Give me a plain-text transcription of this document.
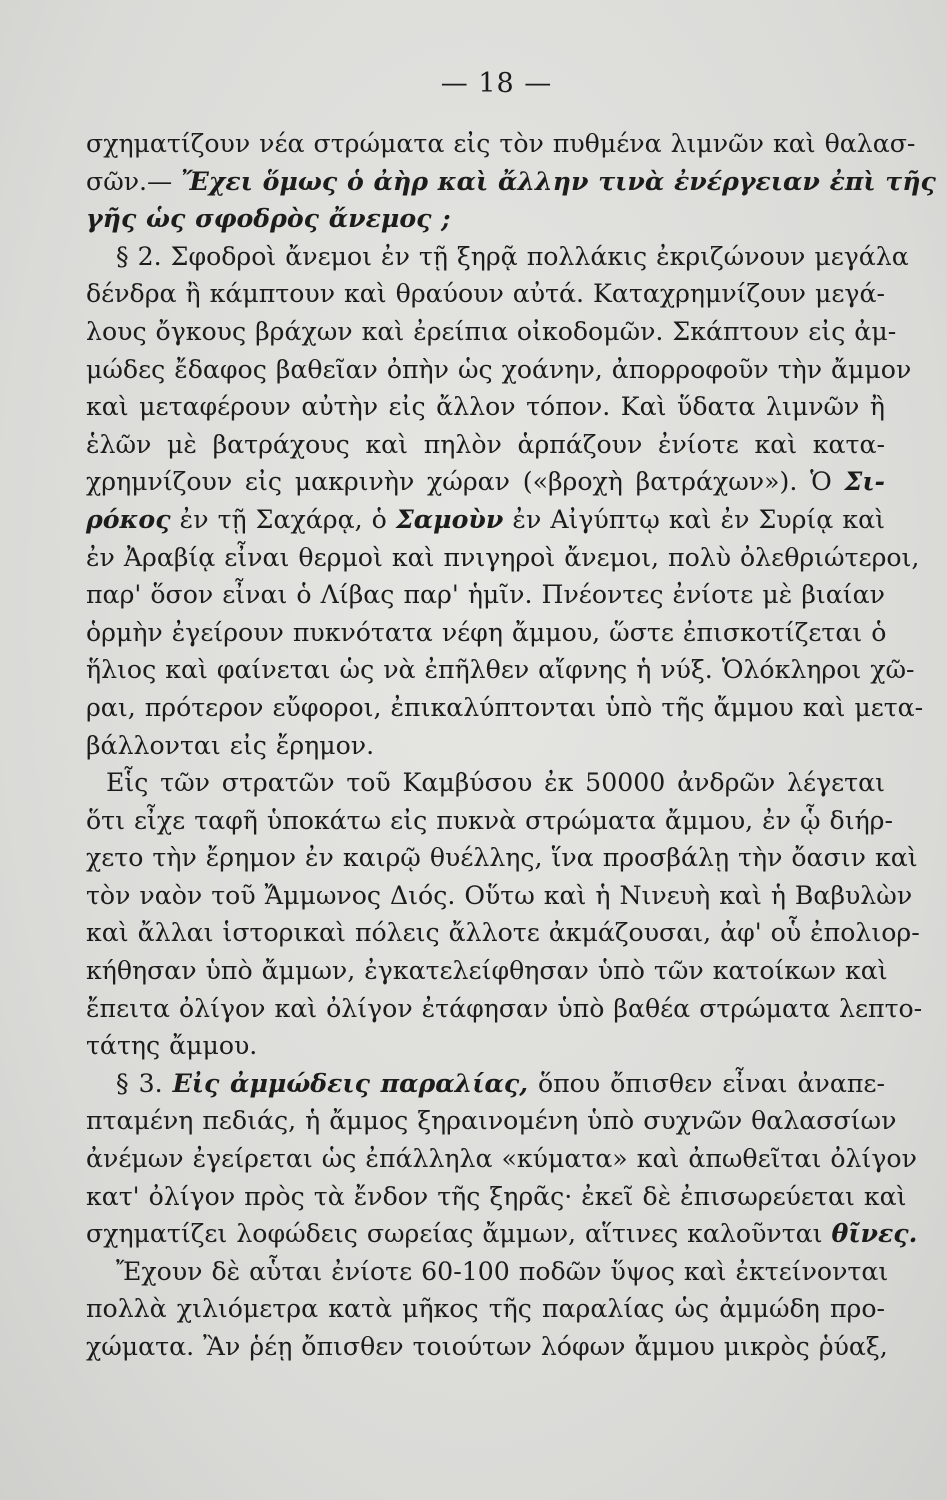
— 18 —
σχηματίζουν νέα στρώματα εἰς τὸν πυθμένα λιμνῶν καὶ θαλασ-
σῶν.— Ἔχει ὅμως ὁ ἀὴρ καὶ ἄλλην τινὰ ἐνέργειαν ἐπὶ τῆς
γῆς ὡς σφοδρὸς ἄνεμος ;
§ 2. Σφοδροὶ ἄνεμοι ἐν τῇ ξηρᾷ πολλάκις ἐκριζώνουν μεγάλα
δένδρα ἢ κάμπτουν καὶ θραύουν αὐτά. Καταχρημνίζουν μεγά-
λους ὄγκους βράχων καὶ ἐρείπια οἰκοδομῶν. Σκάπτουν εἰς ἀμ-
μώδες ἔδαφος βαθεῖαν ὀπὴν ὡς χοάνην, ἀπορροφοῦν τὴν ἄμμον
καὶ μεταφέρουν αὐτὴν εἰς ἄλλον τόπον. Καὶ ὕδατα λιμνῶν ἢ
ἑλῶν μὲ βατράχους καὶ πηλὸν ἁρπάζουν ἐνίοτε καὶ κατα-
χρημνίζουν εἰς μακρινὴν χώραν («βροχὴ βατράχων»). Ὁ Σι-
ρόκος ἐν τῇ Σαχάρᾳ, ὁ Σαμοὺν ἐν Αἰγύπτῳ καὶ ἐν Συρίᾳ καὶ
ἐν Ἀραβίᾳ εἶναι θερμοὶ καὶ πνιγηροὶ ἄνεμοι, πολὺ ὀλεθριώτεροι,
παρ' ὅσον εἶναι ὁ Λίβας παρ' ἡμῖν. Πνέοντες ἐνίοτε μὲ βιαίαν
ὁρμὴν ἐγείρουν πυκνότατα νέφη ἄμμου, ὥστε ἐπισκοτίζεται ὁ
ἥλιος καὶ φαίνεται ὡς νὰ ἐπῆλθεν αἴφνης ἡ νύξ. Ὁλόκληροι χῶ-
ραι, πρότερον εὔφοροι, ἐπικαλύπτονται ὑπὸ τῆς ἄμμου καὶ μετα-
βάλλονται εἰς ἔρημον.
Εἷς τῶν στρατῶν τοῦ Καμβύσου ἐκ 50000 ἀνδρῶν λέγεται
ὅτι εἶχε ταφῆ ὑποκάτω εἰς πυκνὰ στρώματα ἄμμου, ἐν ᾧ διήρ-
χετο τὴν ἔρημον ἐν καιρῷ θυέλλης, ἵνα προσβάλῃ τὴν ὄασιν καὶ
τὸν ναὸν τοῦ Ἄμμωνος Διός. Οὕτω καὶ ἡ Νινευὴ καὶ ἡ Βαβυλὼν
καὶ ἄλλαι ἱστορικαὶ πόλεις ἄλλοτε ἀκμάζουσαι, ἀφ' οὗ ἐπολιορ-
κήθησαν ὑπὸ ἄμμων, ἐγκατελείφθησαν ὑπὸ τῶν κατοίκων καὶ
ἔπειτα ὀλίγον καὶ ὀλίγον ἐτάφησαν ὑπὸ βαθέα στρώματα λεπτο-
τάτης ἄμμου.
§ 3. Εἰς ἀμμώδεις παραλίας, ὅπου ὄπισθεν εἶναι ἀναπε-
πταμένη πεδιάς, ἡ ἄμμος ξηραινομένη ὑπὸ συχνῶν θαλασσίων
ἀνέμων ἐγείρεται ὡς ἐπάλληλα «κύματα» καὶ ἀπωθεῖται ὀλίγον
κατ' ὀλίγον πρὸς τὰ ἔνδον τῆς ξηρᾶς· ἐκεῖ δὲ ἐπισωρεύεται καὶ
σχηματίζει λοφώδεις σωρείας ἄμμων, αἵτινες καλοῦνται θῖνες.
Ἔχουν δὲ αὗται ἐνίοτε 60-100 ποδῶν ὕψος καὶ ἐκτείνονται
πολλὰ χιλιόμετρα κατὰ μῆκος τῆς παραλίας ὡς ἀμμώδη προ-
χώματα. Ἂν ῥέῃ ὄπισθεν τοιούτων λόφων ἄμμου μικρὸς ῥύαξ,
